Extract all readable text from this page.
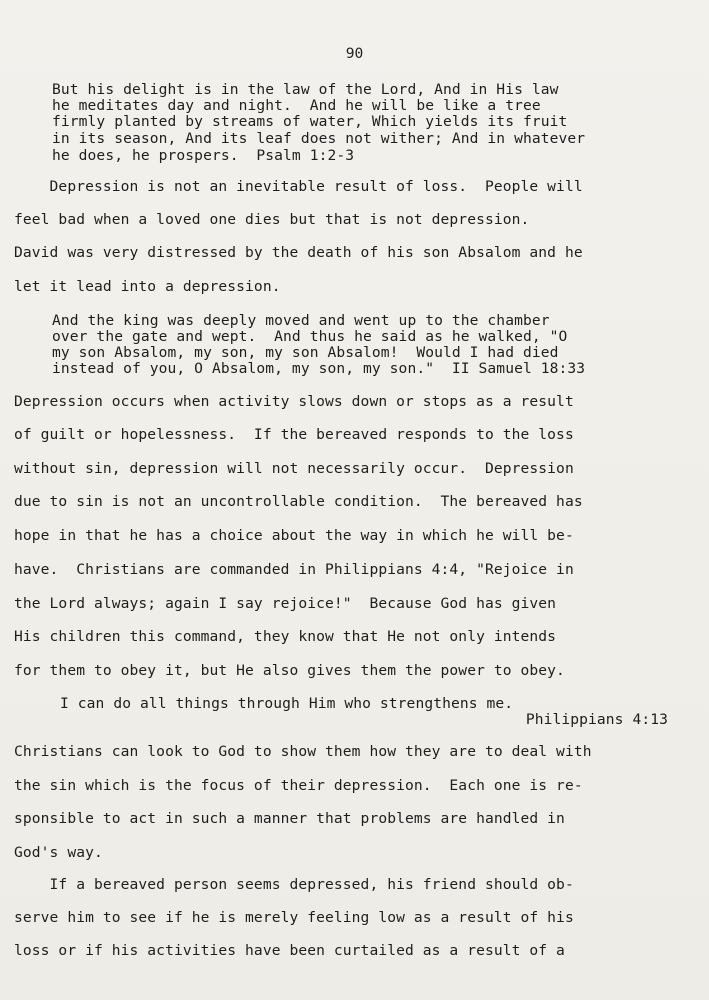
90
But his delight is in the law of the Lord, And in His law
he meditates day and night.  And he will be like a tree
firmly planted by streams of water, Which yields its fruit
in its season, And its leaf does not wither; And in whatever
he does, he prospers.  Psalm 1:2-3
Depression is not an inevitable result of loss.  People will
feel bad when a loved one dies but that is not depression.
David was very distressed by the death of his son Absalom and he
let it lead into a depression.
And the king was deeply moved and went up to the chamber
over the gate and wept.  And thus he said as he walked, "O
my son Absalom, my son, my son Absalom!  Would I had died
instead of you, O Absalom, my son, my son."  II Samuel 18:33
Depression occurs when activity slows down or stops as a result
of guilt or hopelessness.  If the bereaved responds to the loss
without sin, depression will not necessarily occur.  Depression
due to sin is not an uncontrollable condition.  The bereaved has
hope in that he has a choice about the way in which he will be-
have.  Christians are commanded in Philippians 4:4, "Rejoice in
the Lord always; again I say rejoice!"  Because God has given
His children this command, they know that He not only intends
for them to obey it, but He also gives them the power to obey.
I can do all things through Him who strengthens me.
Philippians 4:13
Christians can look to God to show them how they are to deal with
the sin which is the focus of their depression.  Each one is re-
sponsible to act in such a manner that problems are handled in
God's way.
If a bereaved person seems depressed, his friend should ob-
serve him to see if he is merely feeling low as a result of his
loss or if his activities have been curtailed as a result of a
